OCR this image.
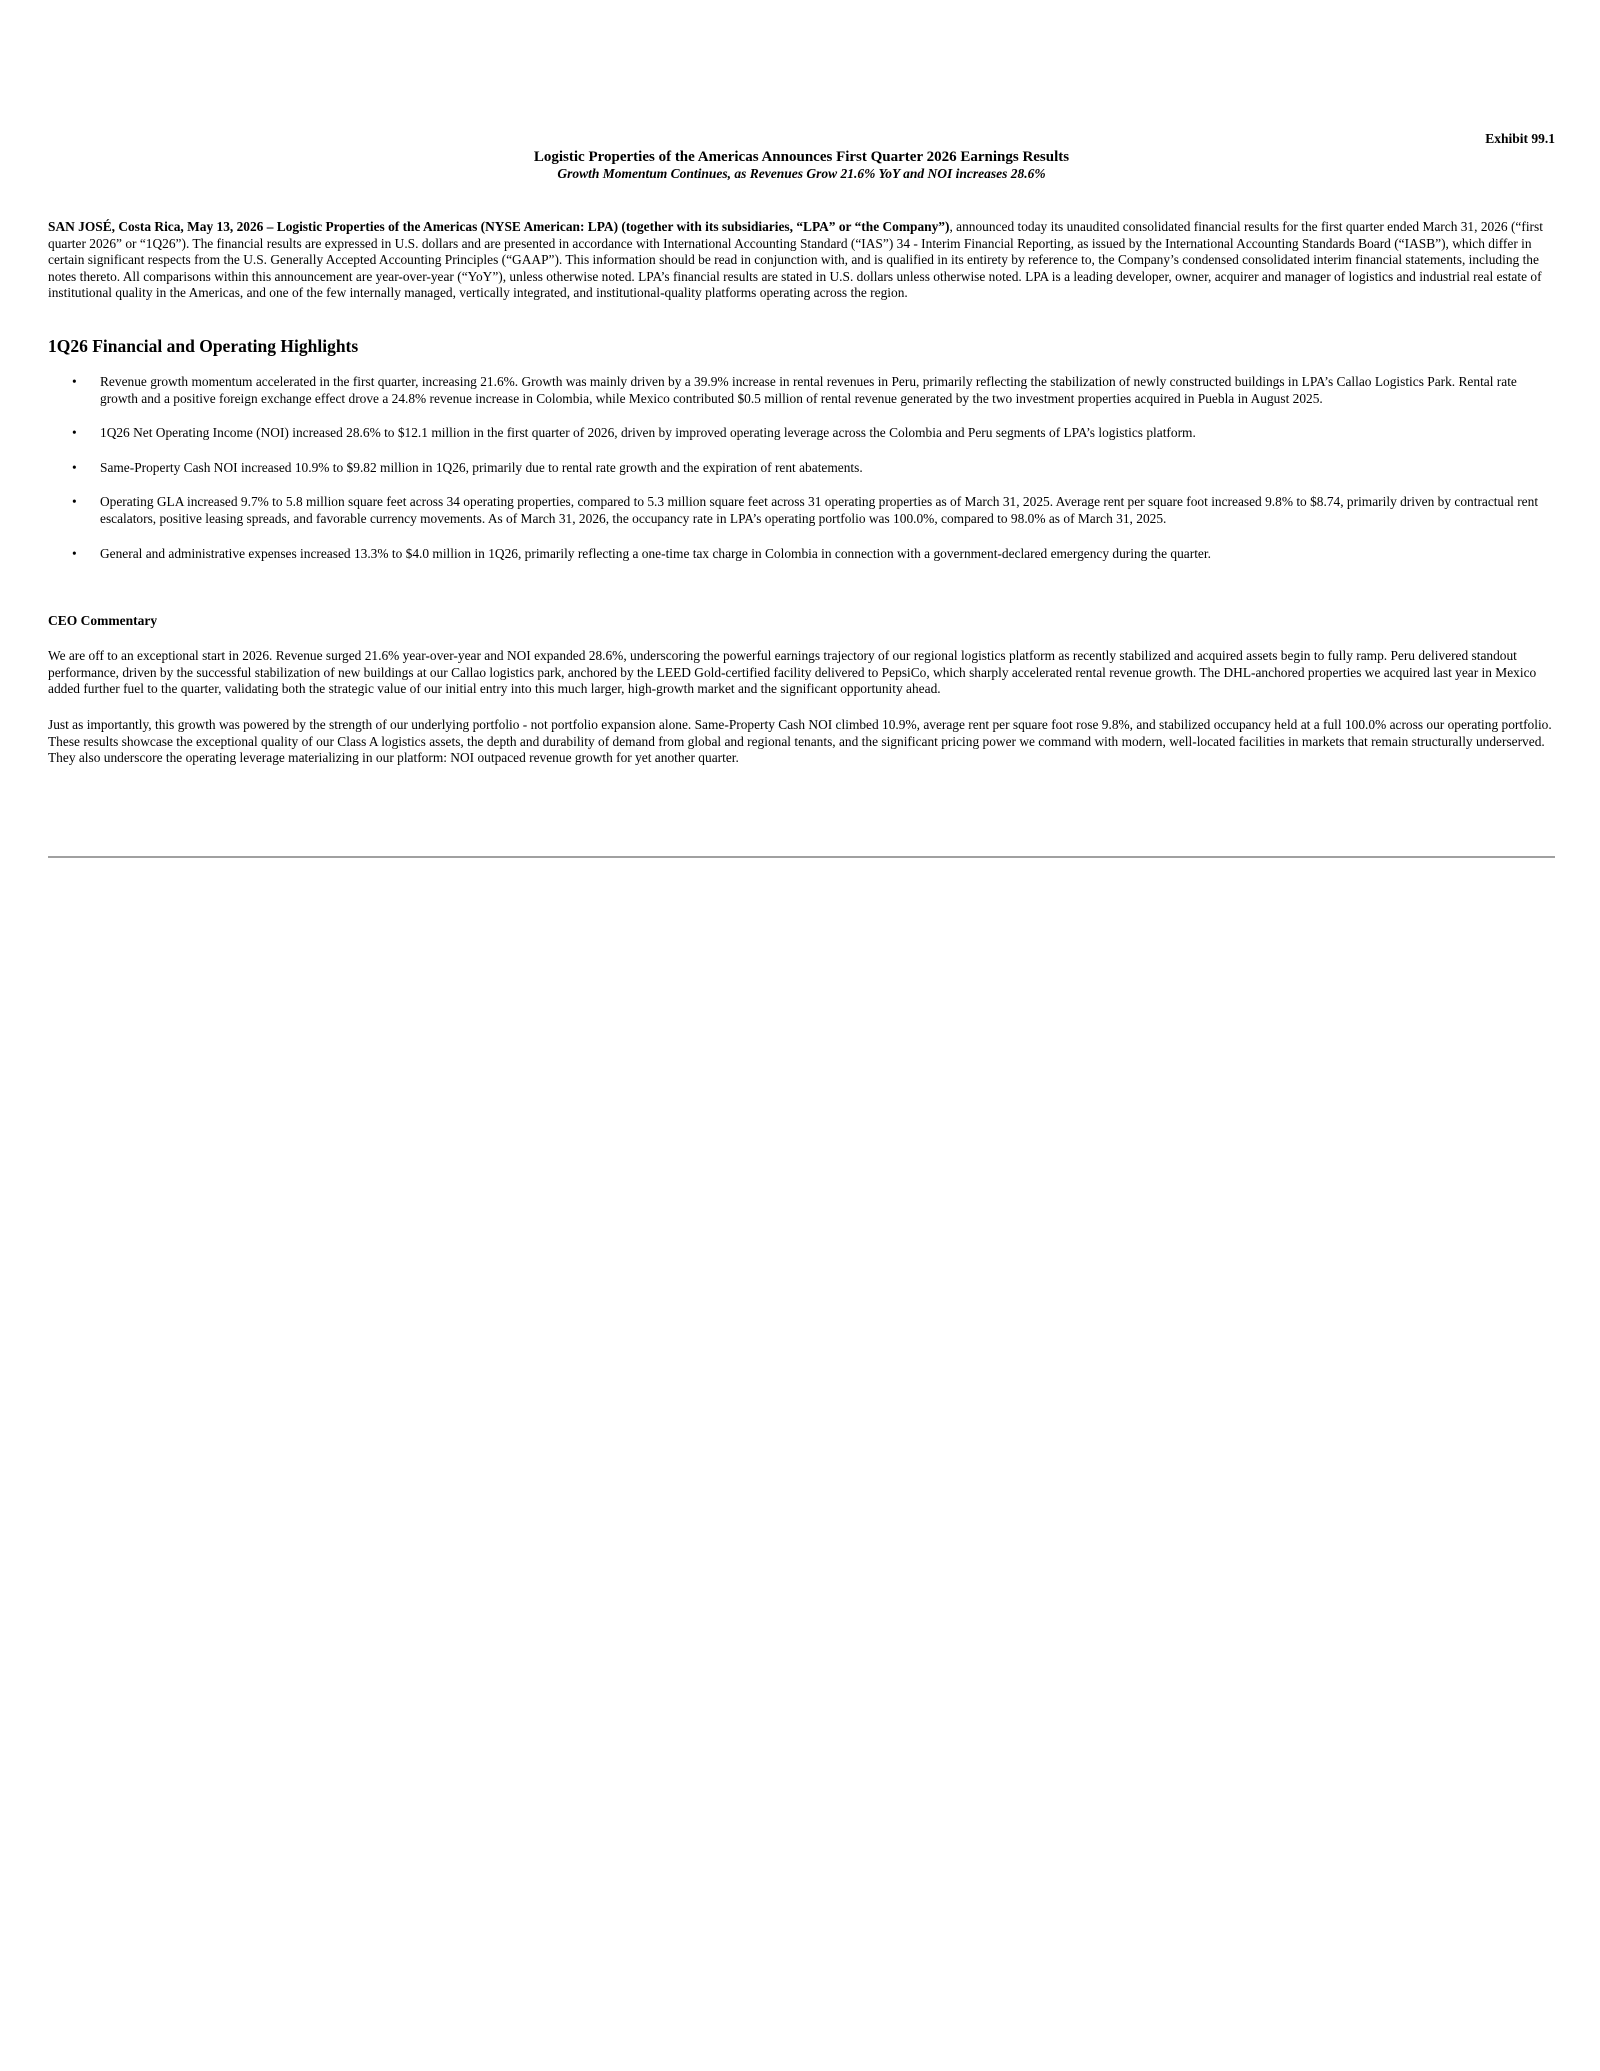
Exhibit 99.1
Logistic Properties of the Americas Announces First Quarter 2026 Earnings Results
Growth Momentum Continues, as Revenues Grow 21.6% YoY and NOI increases 28.6%

SAN JOSÉ, Costa Rica, May 13, 2026 – Logistic Properties of the Americas (NYSE American: LPA) (together with its subsidiaries, “LPA” or “the Company”), announced today its unaudited consolidated financial results for the first quarter ended March 31, 2026 (“first quarter 2026” or “1Q26”). The financial results are expressed in U.S. dollars and are presented in accordance with International Accounting Standard (“IAS”) 34 - Interim Financial Reporting, as issued by the International Accounting Standards Board (“IASB”), which differ in certain significant respects from the U.S. Generally Accepted Accounting Principles (“GAAP”). This information should be read in conjunction with, and is qualified in its entirety by reference to, the Company’s condensed consolidated interim financial statements, including the notes thereto. All comparisons within this announcement are year-over-year (“YoY”), unless otherwise noted. LPA’s financial results are stated in U.S. dollars unless otherwise noted. LPA is a leading developer, owner, acquirer and manager of logistics and industrial real estate of institutional quality in the Americas, and one of the few internally managed, vertically integrated, and institutional-quality platforms operating across the region.

1Q26 Financial and Operating Highlights
• Revenue growth momentum accelerated in the first quarter, increasing 21.6%. Growth was mainly driven by a 39.9% increase in rental revenues in Peru, primarily reflecting the stabilization of newly constructed buildings in LPA’s Callao Logistics Park. Rental rate growth and a positive foreign exchange effect drove a 24.8% revenue increase in Colombia, while Mexico contributed $0.5 million of rental revenue generated by the two investment properties acquired in Puebla in August 2025.
• 1Q26 Net Operating Income (NOI) increased 28.6% to $12.1 million in the first quarter of 2026, driven by improved operating leverage across the Colombia and Peru segments of LPA’s logistics platform.
• Same-Property Cash NOI increased 10.9% to $9.82 million in 1Q26, primarily due to rental rate growth and the expiration of rent abatements.
• Operating GLA increased 9.7% to 5.8 million square feet across 34 operating properties, compared to 5.3 million square feet across 31 operating properties as of March 31, 2025. Average rent per square foot increased 9.8% to $8.74, primarily driven by contractual rent escalators, positive leasing spreads, and favorable currency movements. As of March 31, 2026, the occupancy rate in LPA’s operating portfolio was 100.0%, compared to 98.0% as of March 31, 2025.
• General and administrative expenses increased 13.3% to $4.0 million in 1Q26, primarily reflecting a one-time tax charge in Colombia in connection with a government-declared emergency during the quarter.
CEO Commentary

We are off to an exceptional start in 2026. Revenue surged 21.6% year-over-year and NOI expanded 28.6%, underscoring the powerful earnings trajectory of our regional logistics platform as recently stabilized and acquired assets begin to fully ramp. Peru delivered standout performance, driven by the successful stabilization of new buildings at our Callao logistics park, anchored by the LEED Gold-certified facility delivered to PepsiCo, which sharply accelerated rental revenue growth. The DHL-anchored properties we acquired last year in Mexico added further fuel to the quarter, validating both the strategic value of our initial entry into this much larger, high-growth market and the significant opportunity ahead.

Just as importantly, this growth was powered by the strength of our underlying portfolio - not portfolio expansion alone. Same-Property Cash NOI climbed 10.9%, average rent per square foot rose 9.8%, and stabilized occupancy held at a full 100.0% across our operating portfolio. These results showcase the exceptional quality of our Class A logistics assets, the depth and durability of demand from global and regional tenants, and the significant pricing power we command with modern, well-located facilities in markets that remain structurally underserved. They also underscore the operating leverage materializing in our platform: NOI outpaced revenue growth for yet another quarter.
